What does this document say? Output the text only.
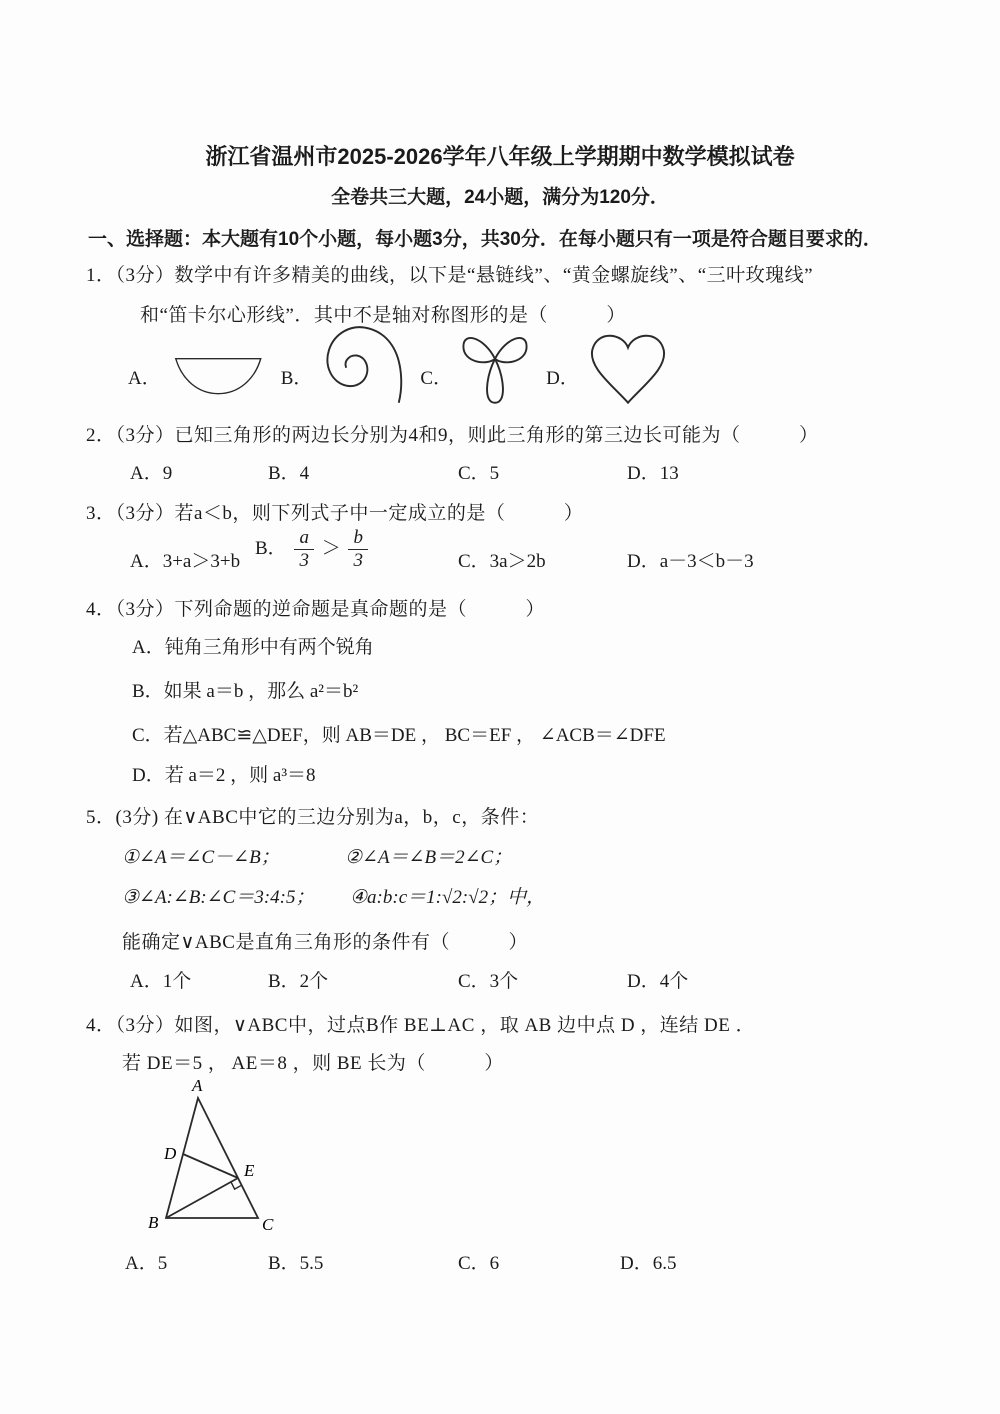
浙江省温州市2025-2026学年八年级上学期期中数学模拟试卷
全卷共三大题，24小题，满分为120分．
一、选择题：本大题有10个小题，每小题3分，共30分．在每小题只有一项是符合题目要求的．
1．（3分）数学中有许多精美的曲线，以下是“悬链线”、“黄金螺旋线”、“三叶玫瑰线”
和“笛卡尔心形线”．其中不是轴对称图形的是（　　　）
A．	B．	C．	D．
2．（3分）已知三角形的两边长分别为4和9，则此三角形的第三边长可能为（　　　）
A．9	B．4	C．5	D．13
3．（3分）若a＜b，则下列式子中一定成立的是（　　　）
A．3+a＞3+b
B． $\frac{a}{3} > \frac{b}{3}$	C．3a＞2b	D．a－3＜b－3
4．（3分）下列命题的逆命题是真命题的是（　　　）
A．钝角三角形中有两个锐角
B．如果 a＝b ，那么 a²＝b²
C．若△ABC≌△DEF，则 AB＝DE ， BC＝EF ， ∠ACB＝∠DFE
D．若 a＝2 ，则 a³＝8
5．(3分) 在∨ABC中它的三边分别为a，b，c，条件：
①∠A＝∠C－∠B；	②∠A＝∠B＝2∠C；
③∠A:∠B:∠C＝3:4:5； ④a:b:c＝1:√2:√2；中，
能确定∨ABC是直角三角形的条件有（　　　）
A．1个	B．2个	C．3个	D．4个
4．（3分）如图，∨ABC中，过点B作 BE⊥AC ，取 AB 边中点 D ，连结 DE ．
若 DE＝5 ， AE＝8 ，则 BE 长为（　　　）
A
D
E
B	C
A．5	B．5.5	C．6	D．6.5
